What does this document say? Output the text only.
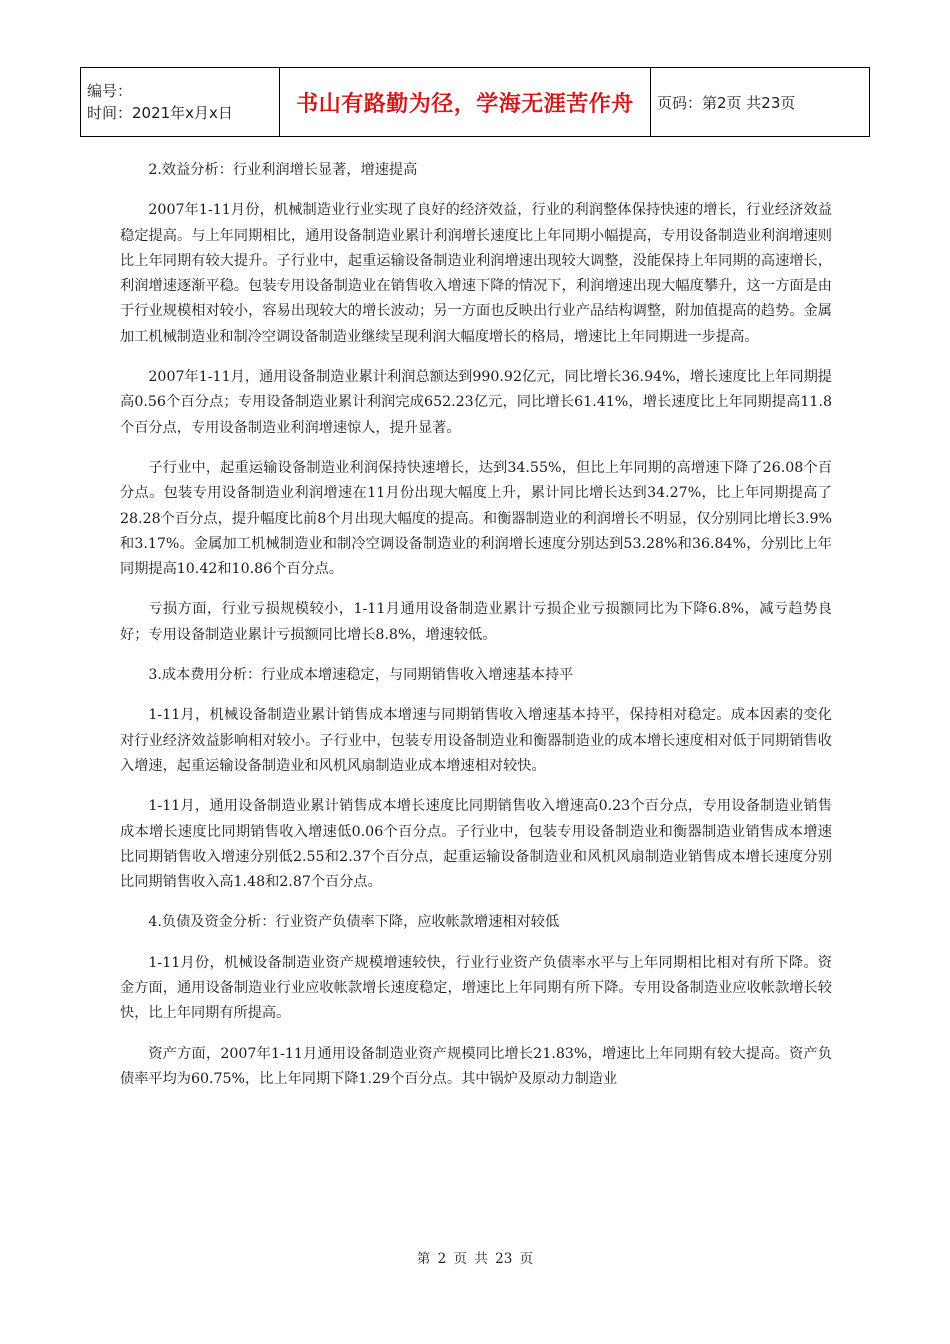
编号：
时间：2021年x月x日	书山有路勤为径，学海无涯苦作舟	页码：第2页 共23页

2.效益分析：行业利润增长显著，增速提高

2007年1-11月份，机械制造业行业实现了良好的经济效益，行业的利润整体保持快速的增长，行业经济效益稳定提高。与上年同期相比，通用设备制造业累计利润增长速度比上年同期小幅提高，专用设备制造业利润增速则比上年同期有较大提升。子行业中，起重运输设备制造业利润增速出现较大调整，没能保持上年同期的高速增长，利润增速逐渐平稳。包装专用设备制造业在销售收入增速下降的情况下，利润增速出现大幅度攀升，这一方面是由于行业规模相对较小，容易出现较大的增长波动；另一方面也反映出行业产品结构调整，附加值提高的趋势。金属加工机械制造业和制冷空调设备制造业继续呈现利润大幅度增长的格局，增速比上年同期进一步提高。

2007年1-11月，通用设备制造业累计利润总额达到990.92亿元，同比增长36.94%，增长速度比上年同期提高0.56个百分点；专用设备制造业累计利润完成652.23亿元，同比增长61.41%，增长速度比上年同期提高11.8个百分点，专用设备制造业利润增速惊人，提升显著。

子行业中，起重运输设备制造业利润保持快速增长，达到34.55%，但比上年同期的高增速下降了26.08个百分点。包装专用设备制造业利润增速在11月份出现大幅度上升，累计同比增长达到34.27%，比上年同期提高了28.28个百分点，提升幅度比前8个月出现大幅度的提高。和衡器制造业的利润增长不明显，仅分别同比增长3.9%和3.17%。金属加工机械制造业和制冷空调设备制造业的利润增长速度分别达到53.28%和36.84%，分别比上年同期提高10.42和10.86个百分点。

亏损方面，行业亏损规模较小，1-11月通用设备制造业累计亏损企业亏损额同比为下降6.8%，减亏趋势良好；专用设备制造业累计亏损额同比增长8.8%，增速较低。

3.成本费用分析：行业成本增速稳定，与同期销售收入增速基本持平

1-11月，机械设备制造业累计销售成本增速与同期销售收入增速基本持平，保持相对稳定。成本因素的变化对行业经济效益影响相对较小。子行业中，包装专用设备制造业和衡器制造业的成本增长速度相对低于同期销售收入增速，起重运输设备制造业和风机风扇制造业成本增速相对较快。

1-11月，通用设备制造业累计销售成本增长速度比同期销售收入增速高0.23个百分点，专用设备制造业销售成本增长速度比同期销售收入增速低0.06个百分点。子行业中，包装专用设备制造业和衡器制造业销售成本增速比同期销售收入增速分别低2.55和2.37个百分点，起重运输设备制造业和风机风扇制造业销售成本增长速度分别比同期销售收入高1.48和2.87个百分点。

4.负债及资金分析：行业资产负债率下降，应收帐款增速相对较低

1-11月份，机械设备制造业资产规模增速较快，行业行业资产负债率水平与上年同期相比相对有所下降。资金方面，通用设备制造业行业应收帐款增长速度稳定，增速比上年同期有所下降。专用设备制造业应收帐款增长较快，比上年同期有所提高。

资产方面，2007年1-11月通用设备制造业资产规模同比增长21.83%，增速比上年同期有较大提高。资产负债率平均为60.75%，比上年同期下降1.29个百分点。其中锅炉及原动力制造业

第 2 页 共 23 页
